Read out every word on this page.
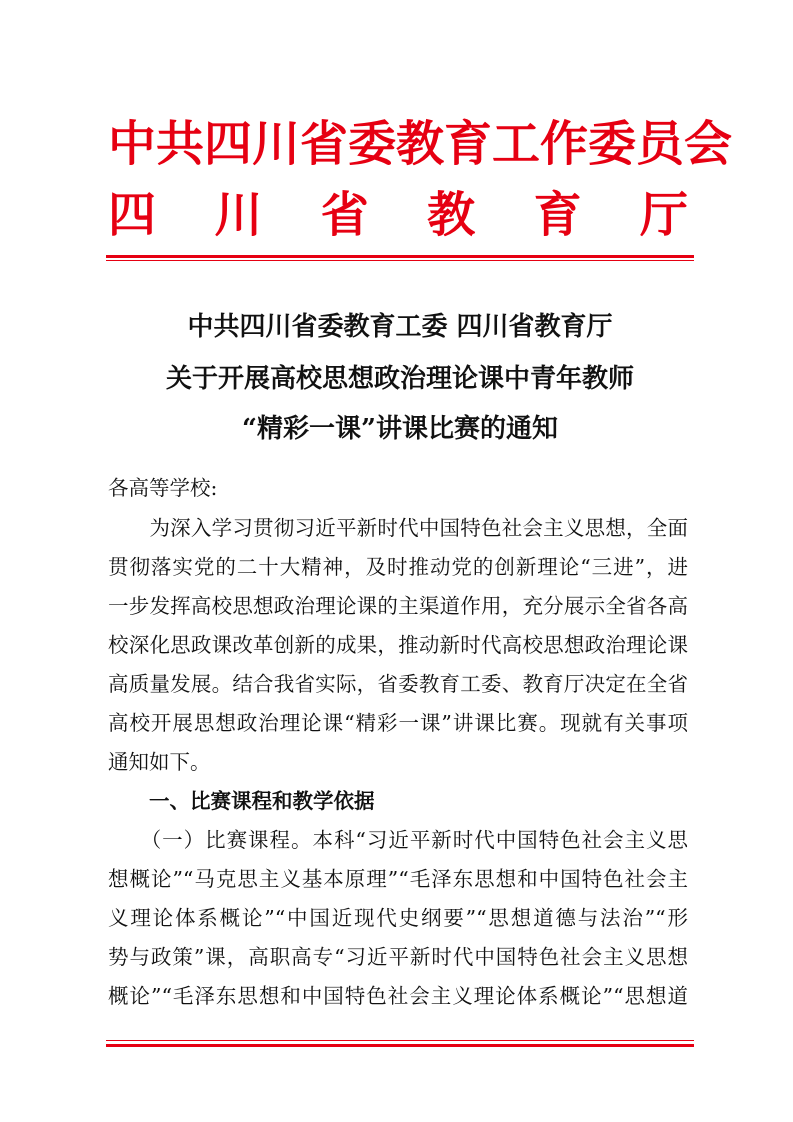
中共四川省委教育工作委员会
四 川 省 教 育 厅
中共四川省委教育工委 四川省教育厅
关于开展高校思想政治理论课中青年教师
“精彩一课”讲课比赛的通知
各高等学校:
　　为深入学习贯彻习近平新时代中国特色社会主义思想，全面
贯彻落实党的二十大精神，及时推动党的创新理论“三进”，进
一步发挥高校思想政治理论课的主渠道作用，充分展示全省各高
校深化思政课改革创新的成果，推动新时代高校思想政治理论课
高质量发展。结合我省实际，省委教育工委、教育厅决定在全省
高校开展思想政治理论课“精彩一课”讲课比赛。现就有关事项
通知如下。
　　一、比赛课程和教学依据
　　（一）比赛课程。本科“习近平新时代中国特色社会主义思
想概论”“马克思主义基本原理”“毛泽东思想和中国特色社会主
义理论体系概论”“中国近现代史纲要”“思想道德与法治”“形
势与政策”课，高职高专“习近平新时代中国特色社会主义思想
概论”“毛泽东思想和中国特色社会主义理论体系概论”“思想道
